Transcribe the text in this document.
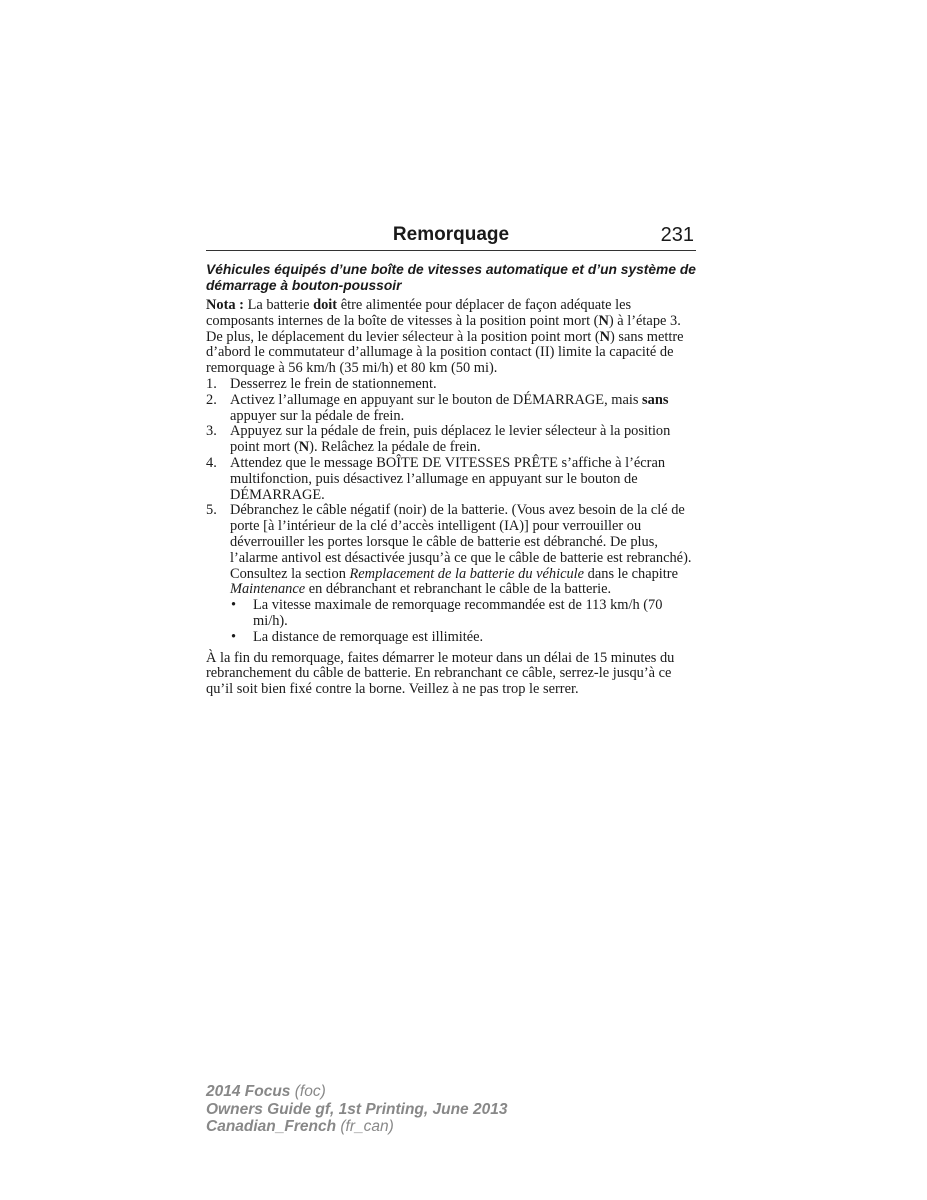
Remorquage	231
Véhicules équipés d’une boîte de vitesses automatique et d’un système de démarrage à bouton-poussoir

Nota : La batterie doit être alimentée pour déplacer de façon adéquate les composants internes de la boîte de vitesses à la position point mort (N) à l’étape 3. De plus, le déplacement du levier sélecteur à la position point mort (N) sans mettre d’abord le commutateur d’allumage à la position contact (II) limite la capacité de remorquage à 56 km/h (35 mi/h) et 80 km (50 mi).

1. Desserrez le frein de stationnement.
2. Activez l’allumage en appuyant sur le bouton de DÉMARRAGE, mais sans appuyer sur la pédale de frein.
3. Appuyez sur la pédale de frein, puis déplacez le levier sélecteur à la position point mort (N). Relâchez la pédale de frein.
4. Attendez que le message BOÎTE DE VITESSES PRÊTE s’affiche à l’écran multifonction, puis désactivez l’allumage en appuyant sur le bouton de DÉMARRAGE.
5. Débranchez le câble négatif (noir) de la batterie. (Vous avez besoin de la clé de porte [à l’intérieur de la clé d’accès intelligent (IA)] pour verrouiller ou déverrouiller les portes lorsque le câble de batterie est débranché. De plus, l’alarme antivol est désactivée jusqu’à ce que le câble de batterie est rebranché). Consultez la section Remplacement de la batterie du véhicule dans le chapitre Maintenance en débranchant et rebranchant le câble de la batterie.
• La vitesse maximale de remorquage recommandée est de 113 km/h (70 mi/h).
• La distance de remorquage est illimitée.

À la fin du remorquage, faites démarrer le moteur dans un délai de 15 minutes du rebranchement du câble de batterie. En rebranchant ce câble, serrez-le jusqu’à ce qu’il soit bien fixé contre la borne. Veillez à ne pas trop le serrer.

2014 Focus (foc)
Owners Guide gf, 1st Printing, June 2013
Canadian_French (fr_can)
